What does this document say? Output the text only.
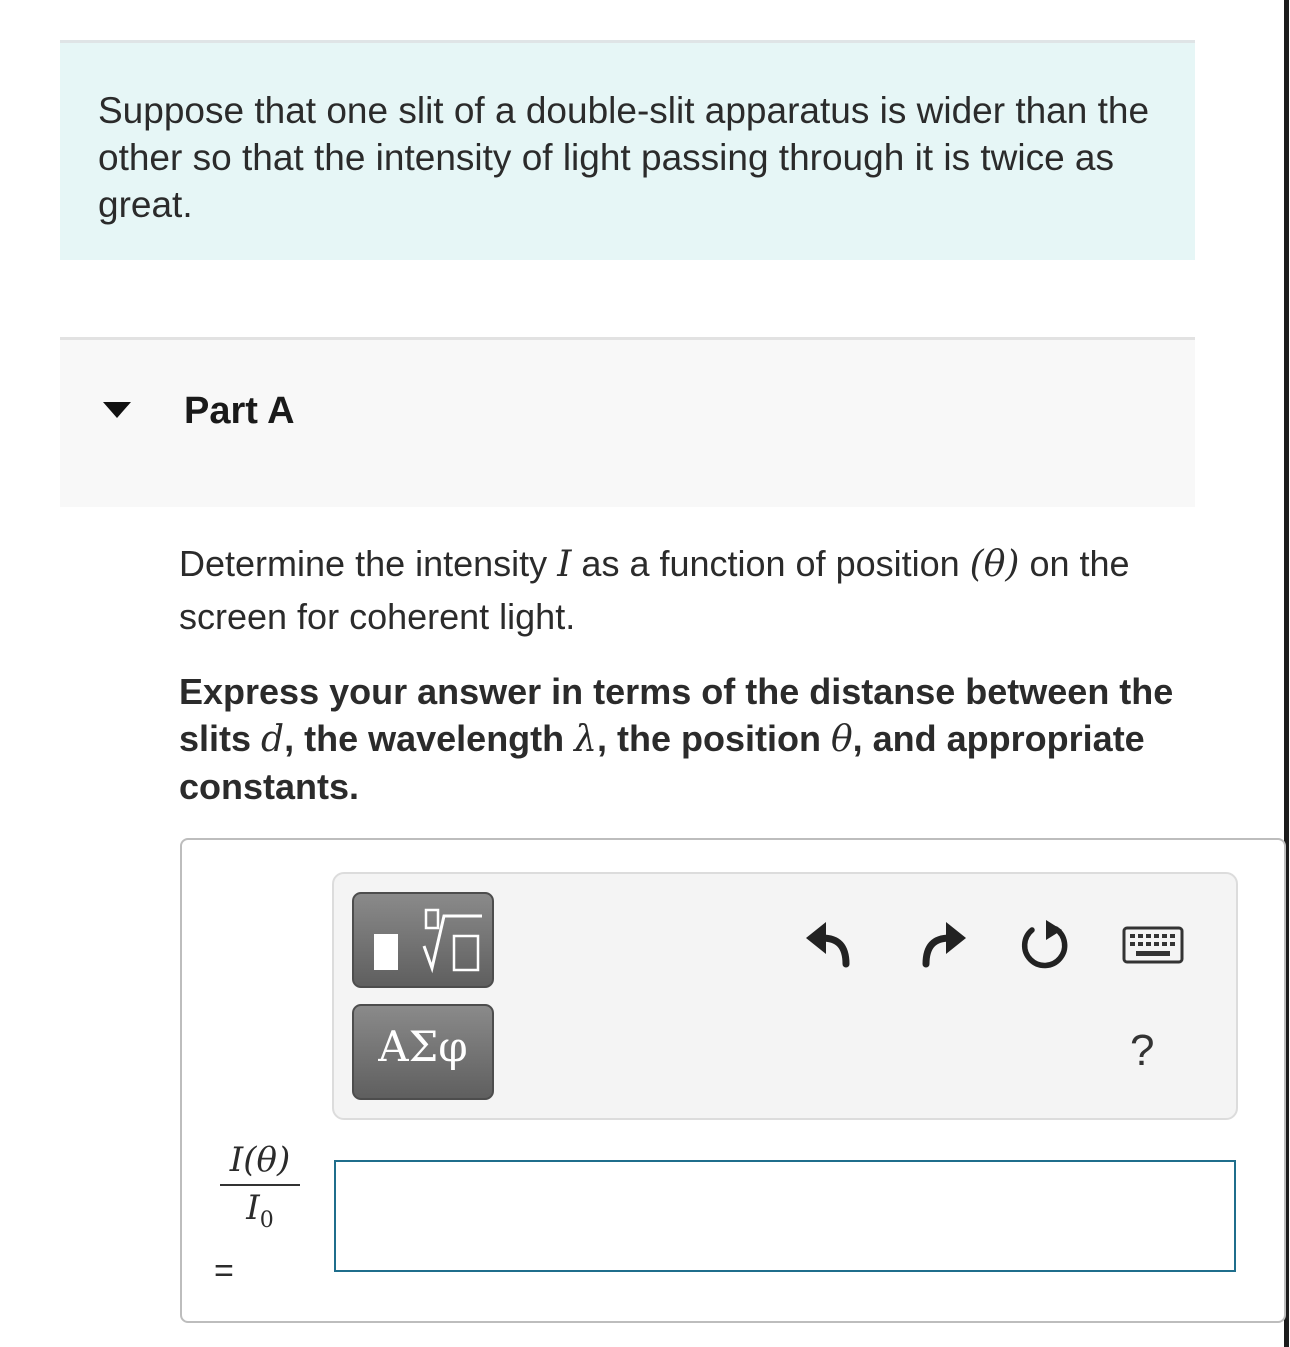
Suppose that one slit of a double-slit apparatus is wider than the other so that the intensity of light passing through it is twice as great.
Part A
Determine the intensity I as a function of position (θ) on the screen for coherent light.
Express your answer in terms of the distanse between the slits d, the wavelength λ, the position θ, and appropriate constants.
ΑΣφ	?
I(θ)
$I_0$
=
